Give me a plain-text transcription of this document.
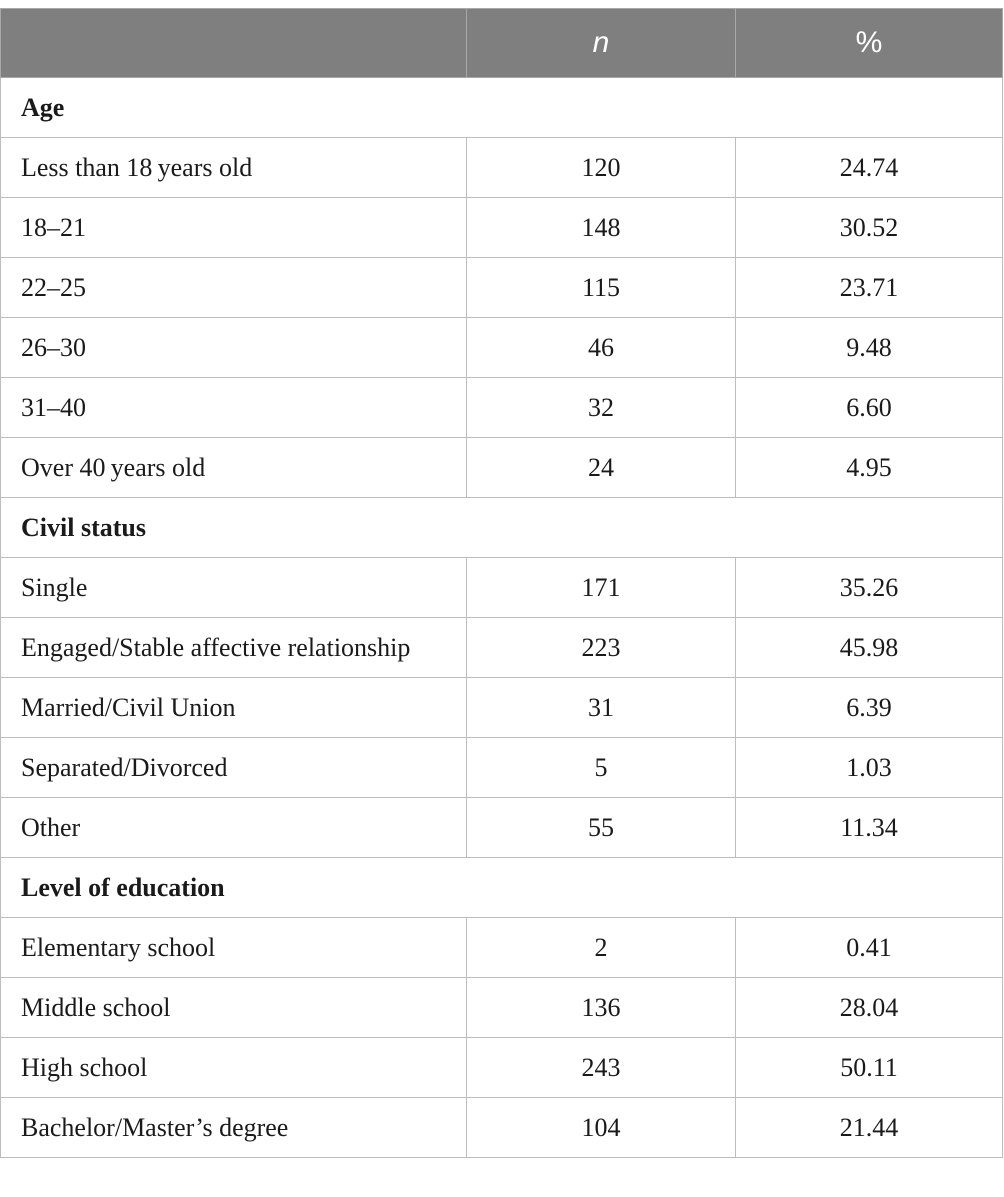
	n	%
Age		
Less than 18 years old	120	24.74
18–21	148	30.52
22–25	115	23.71
26–30	46	9.48
31–40	32	6.60
Over 40 years old	24	4.95
Civil status		
Single	171	35.26
Engaged/Stable affective relationship	223	45.98
Married/Civil Union	31	6.39
Separated/Divorced	5	1.03
Other	55	11.34
Level of education		
Elementary school	2	0.41
Middle school	136	28.04
High school	243	50.11
Bachelor/Master’s degree	104	21.44
